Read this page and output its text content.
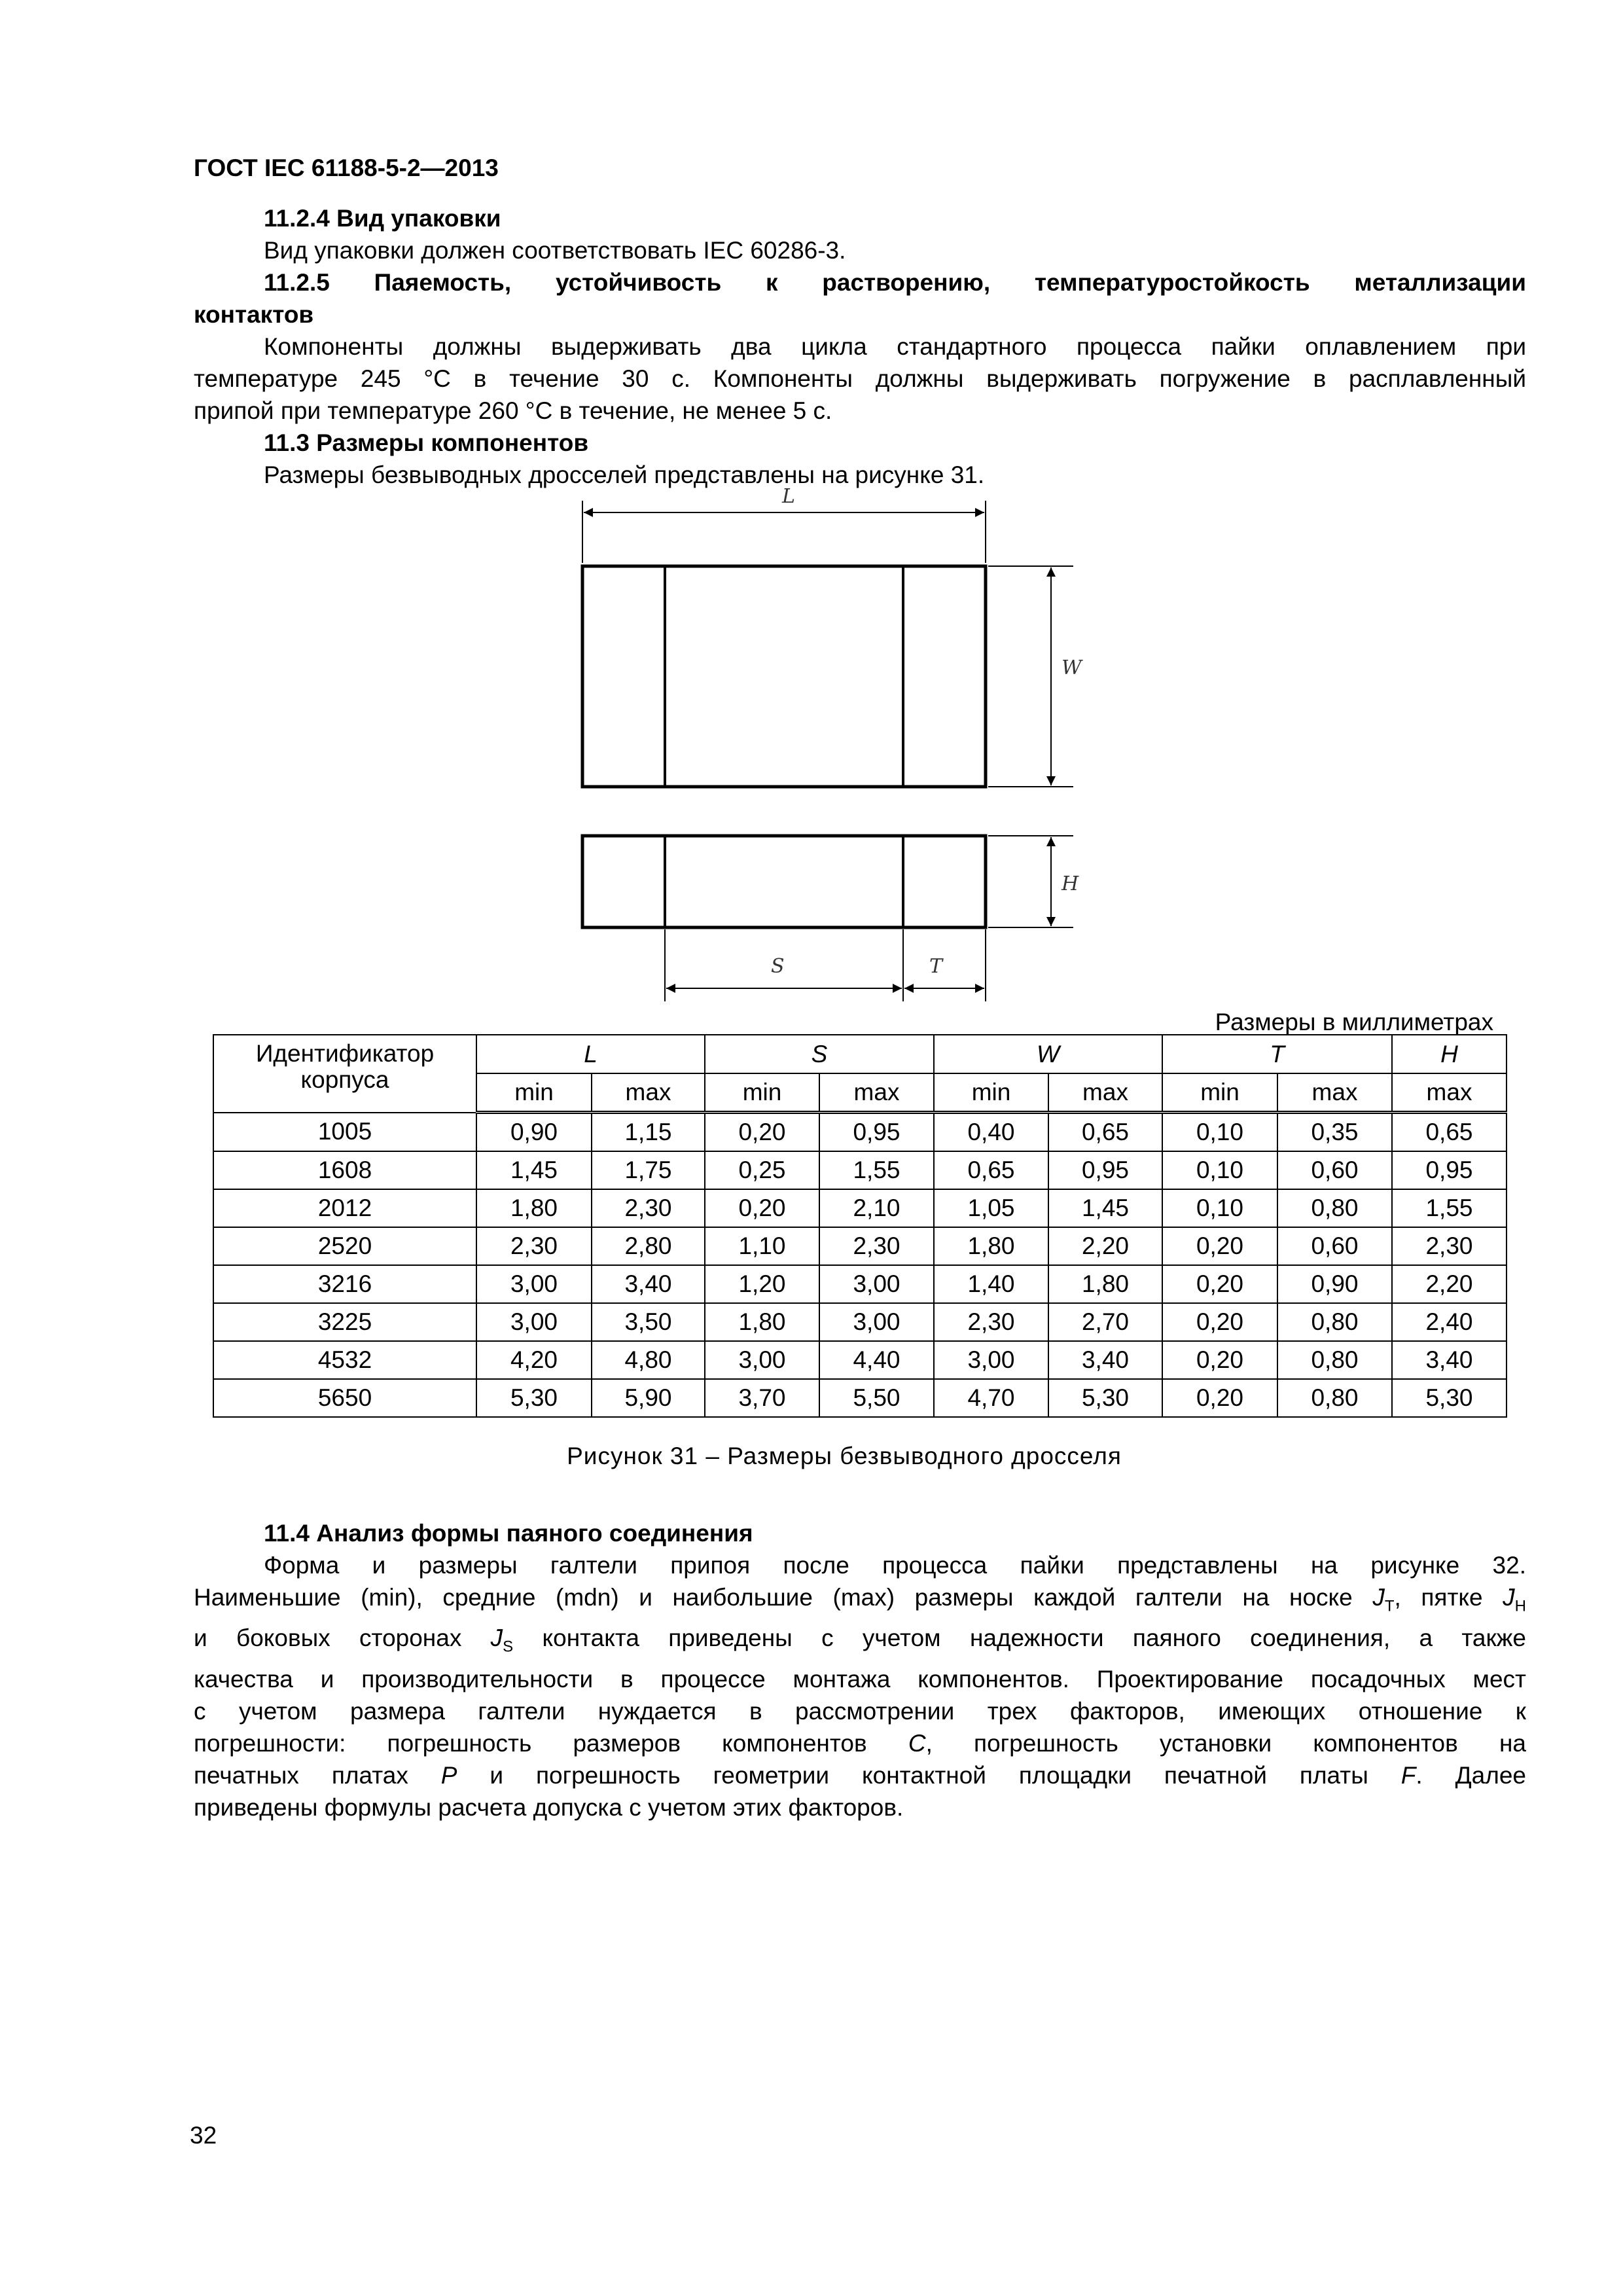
ГОСТ IEC 61188-5-2—2013
11.2.4 Вид упаковки
Вид упаковки должен соответствовать IEC 60286-3.
11.2.5 Паяемость, устойчивость к растворению, температуростойкость металлизации
контактов
Компоненты должны выдерживать два цикла стандартного процесса пайки оплавлением при
температуре 245 °С в течение 30 с. Компоненты должны выдерживать погружение в расплавленный
припой при температуре 260 °С в течение, не менее 5 с.
11.3 Размеры компонентов
Размеры безвыводных дросселей представлены на рисунке 31.
L
W
H
S	T
Размеры в миллиметрах
Идентификатор корпуса	L		S		W		T		H
	min	max	min	max	min	max	min	max	max
1005	0,90	1,15	0,20	0,95	0,40	0,65	0,10	0,35	0,65
1608	1,45	1,75	0,25	1,55	0,65	0,95	0,10	0,60	0,95
2012	1,80	2,30	0,20	2,10	1,05	1,45	0,10	0,80	1,55
2520	2,30	2,80	1,10	2,30	1,80	2,20	0,20	0,60	2,30
3216	3,00	3,40	1,20	3,00	1,40	1,80	0,20	0,90	2,20
3225	3,00	3,50	1,80	3,00	2,30	2,70	0,20	0,80	2,40
4532	4,20	4,80	3,00	4,40	3,00	3,40	0,20	0,80	3,40
5650	5,30	5,90	3,70	5,50	4,70	5,30	0,20	0,80	5,30
Рисунок 31 – Размеры безвыводного дросселя
11.4 Анализ формы паяного соединения
Форма и размеры галтели припоя после процесса пайки представлены на рисунке 32.
Наименьшие (min), средние (mdn) и наибольшие (max) размеры каждой галтели на носке $J_T$, пятке $J_H$
и боковых сторонах $J_S$ контакта приведены с учетом надежности паяного соединения, а также
качества и производительности в процессе монтажа компонентов. Проектирование посадочных мест
с учетом размера галтели нуждается в рассмотрении трех факторов, имеющих отношение к
погрешности: погрешность размеров компонентов C, погрешность установки компонентов на
печатных платах P и погрешность геометрии контактной площадки печатной платы F. Далее
приведены формулы расчета допуска с учетом этих факторов.
32
